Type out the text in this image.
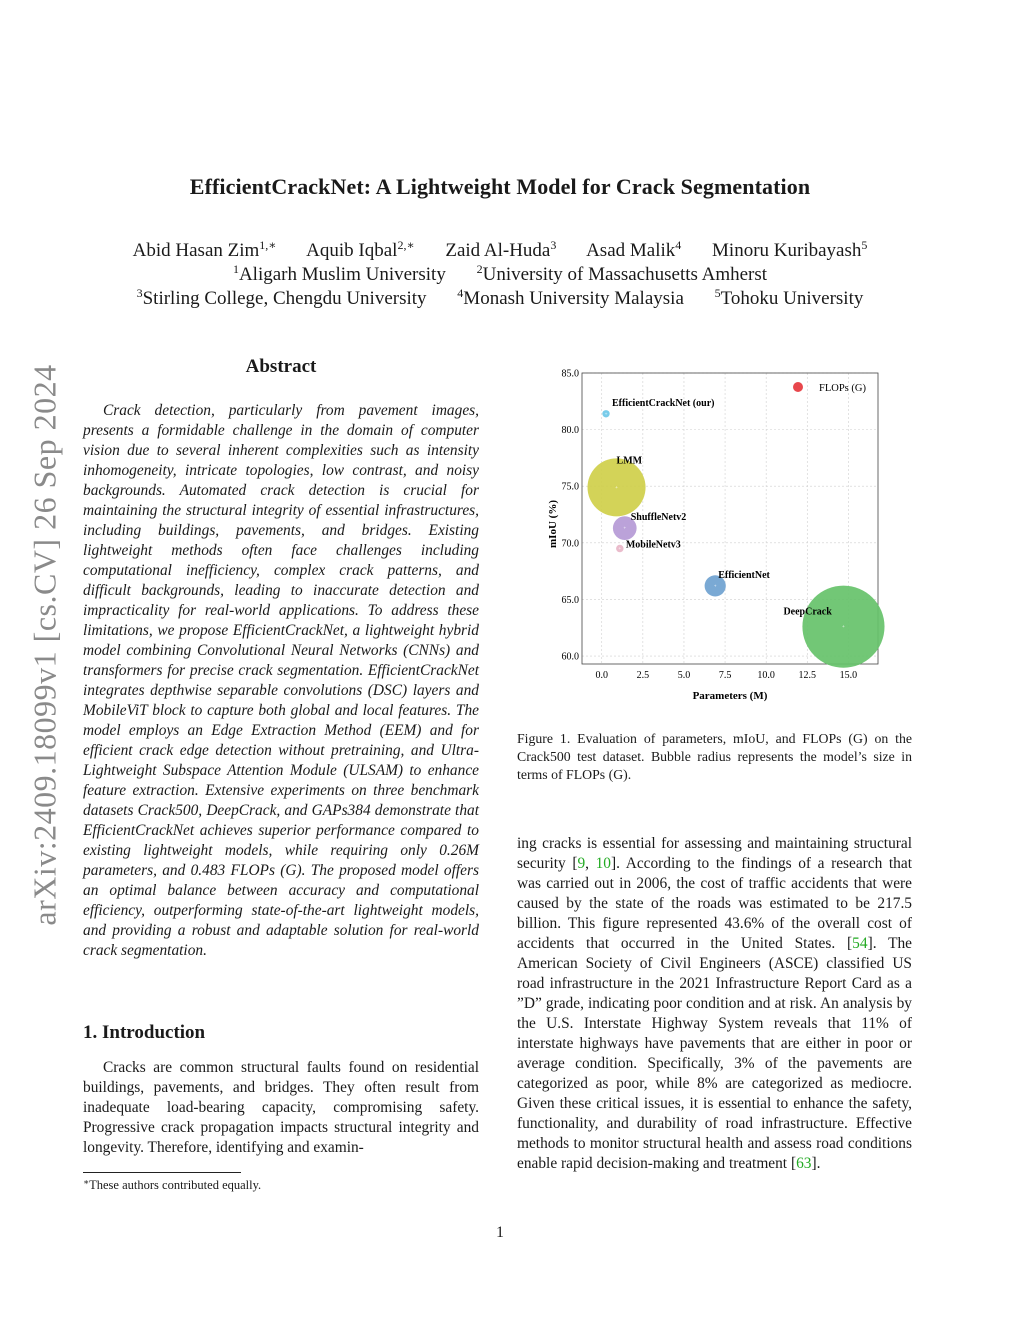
EfficientCrackNet: A Lightweight Model for Crack Segmentation
Abid Hasan Zim$^{1,∗}$ Aquib Iqbal$^{2,∗}$ Zaid Al-Huda$^3$ Asad Malik$^4$ Minoru Kuribayash$^5$
$^1$Aligarh Muslim University	$^2$University of Massachusetts Amherst
$^3$Stirling College, Chengdu University	$^4$Monash University Malaysia	$^5$Tohoku University
arXiv:2409.18099v1 [cs.CV] 26 Sep 2024	Abstract

Crack detection, particularly from pavement images, presents a formidable challenge in the domain of computer vision due to several inherent complexities such as intensity inhomogeneity, intricate topologies, low contrast, and noisy backgrounds. Automated crack detection is crucial for maintaining the structural integrity of essential infrastructures, including buildings, pavements, and bridges. Existing lightweight methods often face challenges including computational inefficiency, complex crack patterns, and difficult backgrounds, leading to inaccurate detection and impracticality for real-world applications. To address these limitations, we propose EfficientCrackNet, a lightweight hybrid model combining Convolutional Neural Networks (CNNs) and transformers for precise crack segmentation. EfficientCrackNet integrates depthwise separable convolutions (DSC) layers and MobileViT block to capture both global and local features. The model employs an Edge Extraction Method (EEM) and for efficient crack edge detection without pretraining, and Ultra-Lightweight Subspace Attention Module (ULSAM) to enhance feature extraction. Extensive experiments on three benchmark datasets Crack500, DeepCrack, and GAPs384 demonstrate that EfficientCrackNet achieves superior performance compared to existing lightweight models, while requiring only 0.26M parameters, and 0.483 FLOPs (G). The proposed model offers an optimal balance between accuracy and computational efficiency, outperforming state-of-the-art lightweight models, and providing a robust and adaptable solution for real-world crack segmentation.

1. Introduction

Cracks are common structural faults found on residential buildings, pavements, and bridges. They often result from inadequate load-bearing capacity, compromising safety. Progressive crack propagation impacts structural integrity and longevity. Therefore, identifying and examin-

∗These authors contributed equally.
0.0	2.5	5.0	7.5	10.0 12.5 15.0
60.0
65.0
70.0
75.0
80.0
85.0
+
+
+
+
+
+
EfficientCrackNet (our)
LMM
ShuffleNetv2
MobileNetv3
EfficientNet
DeepCrack
FLOPs (G)
Parameters (M)
mIoU (%)
Figure 1. Evaluation of parameters, mIoU, and FLOPs (G) on the Crack500 test dataset. Bubble radius represents the model’s size in terms of FLOPs (G).

ing cracks is essential for assessing and maintaining structural security [9, 10]. According to the findings of a research that was carried out in 2006, the cost of traffic accidents that were caused by the state of the roads was estimated to be 217.5 billion. This figure represented 43.6% of the overall cost of accidents that occurred in the United States. [54]. The American Society of Civil Engineers (ASCE) classified US road infrastructure in the 2021 Infrastructure Report Card as a ”D” grade, indicating poor condition and at risk. An analysis by the U.S. Interstate Highway System reveals that 11% of interstate highways have pavements that are either in poor or average condition. Specifically, 3% of the pavements are categorized as poor, while 8% are categorized as mediocre. Given these critical issues, it is essential to enhance the safety, functionality, and durability of road infrastructure. Effective methods to monitor structural health and assess road conditions enable rapid decision-making and treatment [63].

1
